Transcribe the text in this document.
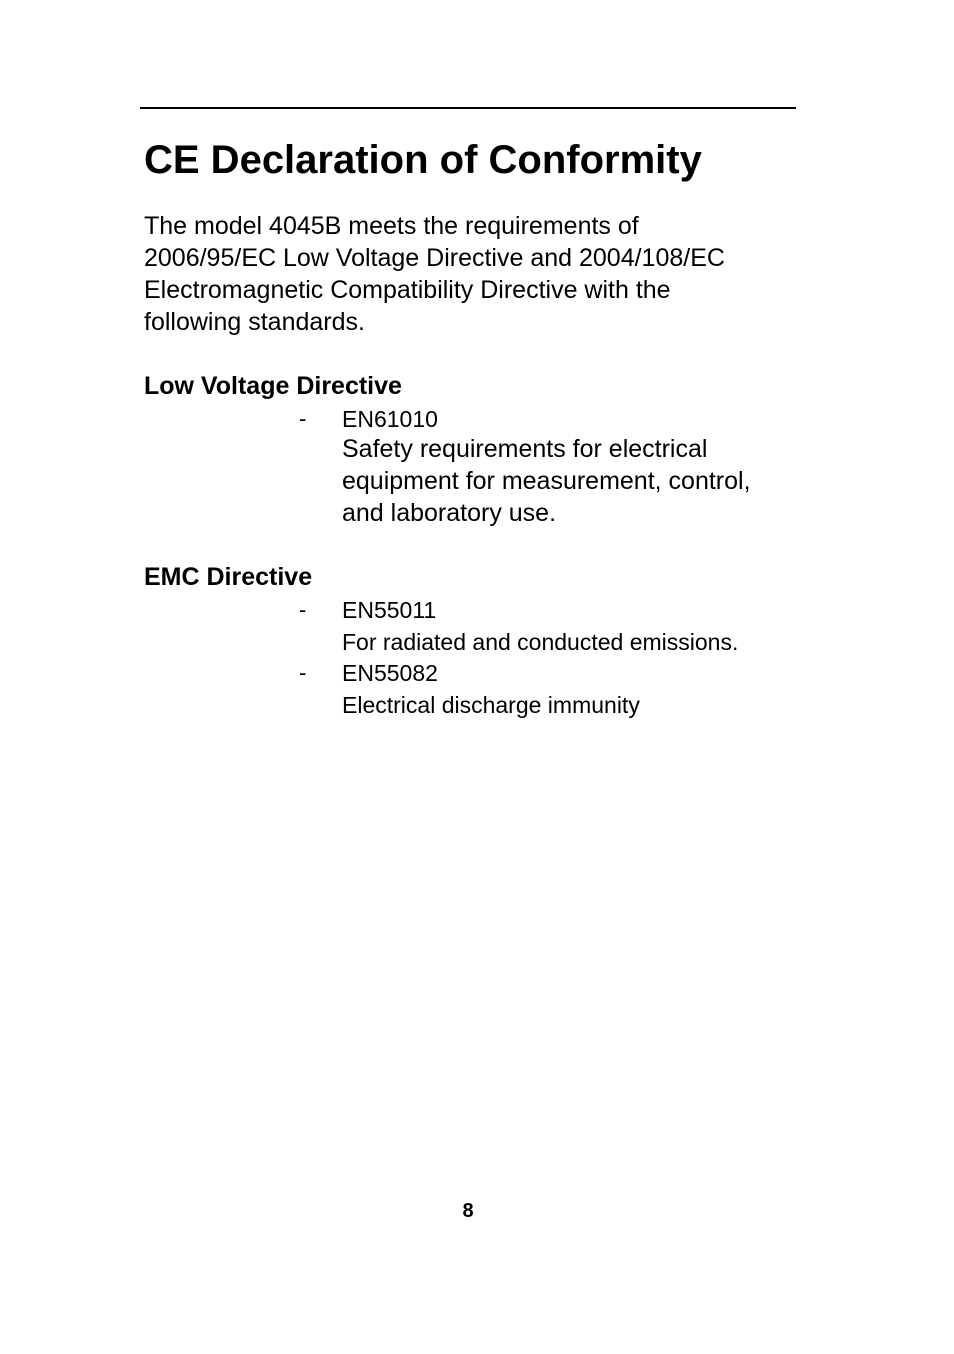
CE Declaration of Conformity

The model 4045B meets the requirements of
2006/95/EC Low Voltage Directive and 2004/108/EC
Electromagnetic Compatibility Directive with the
following standards.

Low Voltage Directive
- EN61010
Safety requirements for electrical
equipment for measurement, control,
and laboratory use.
EMC Directive
- EN55011
For radiated and conducted emissions.
- EN55082
Electrical discharge immunity
8
